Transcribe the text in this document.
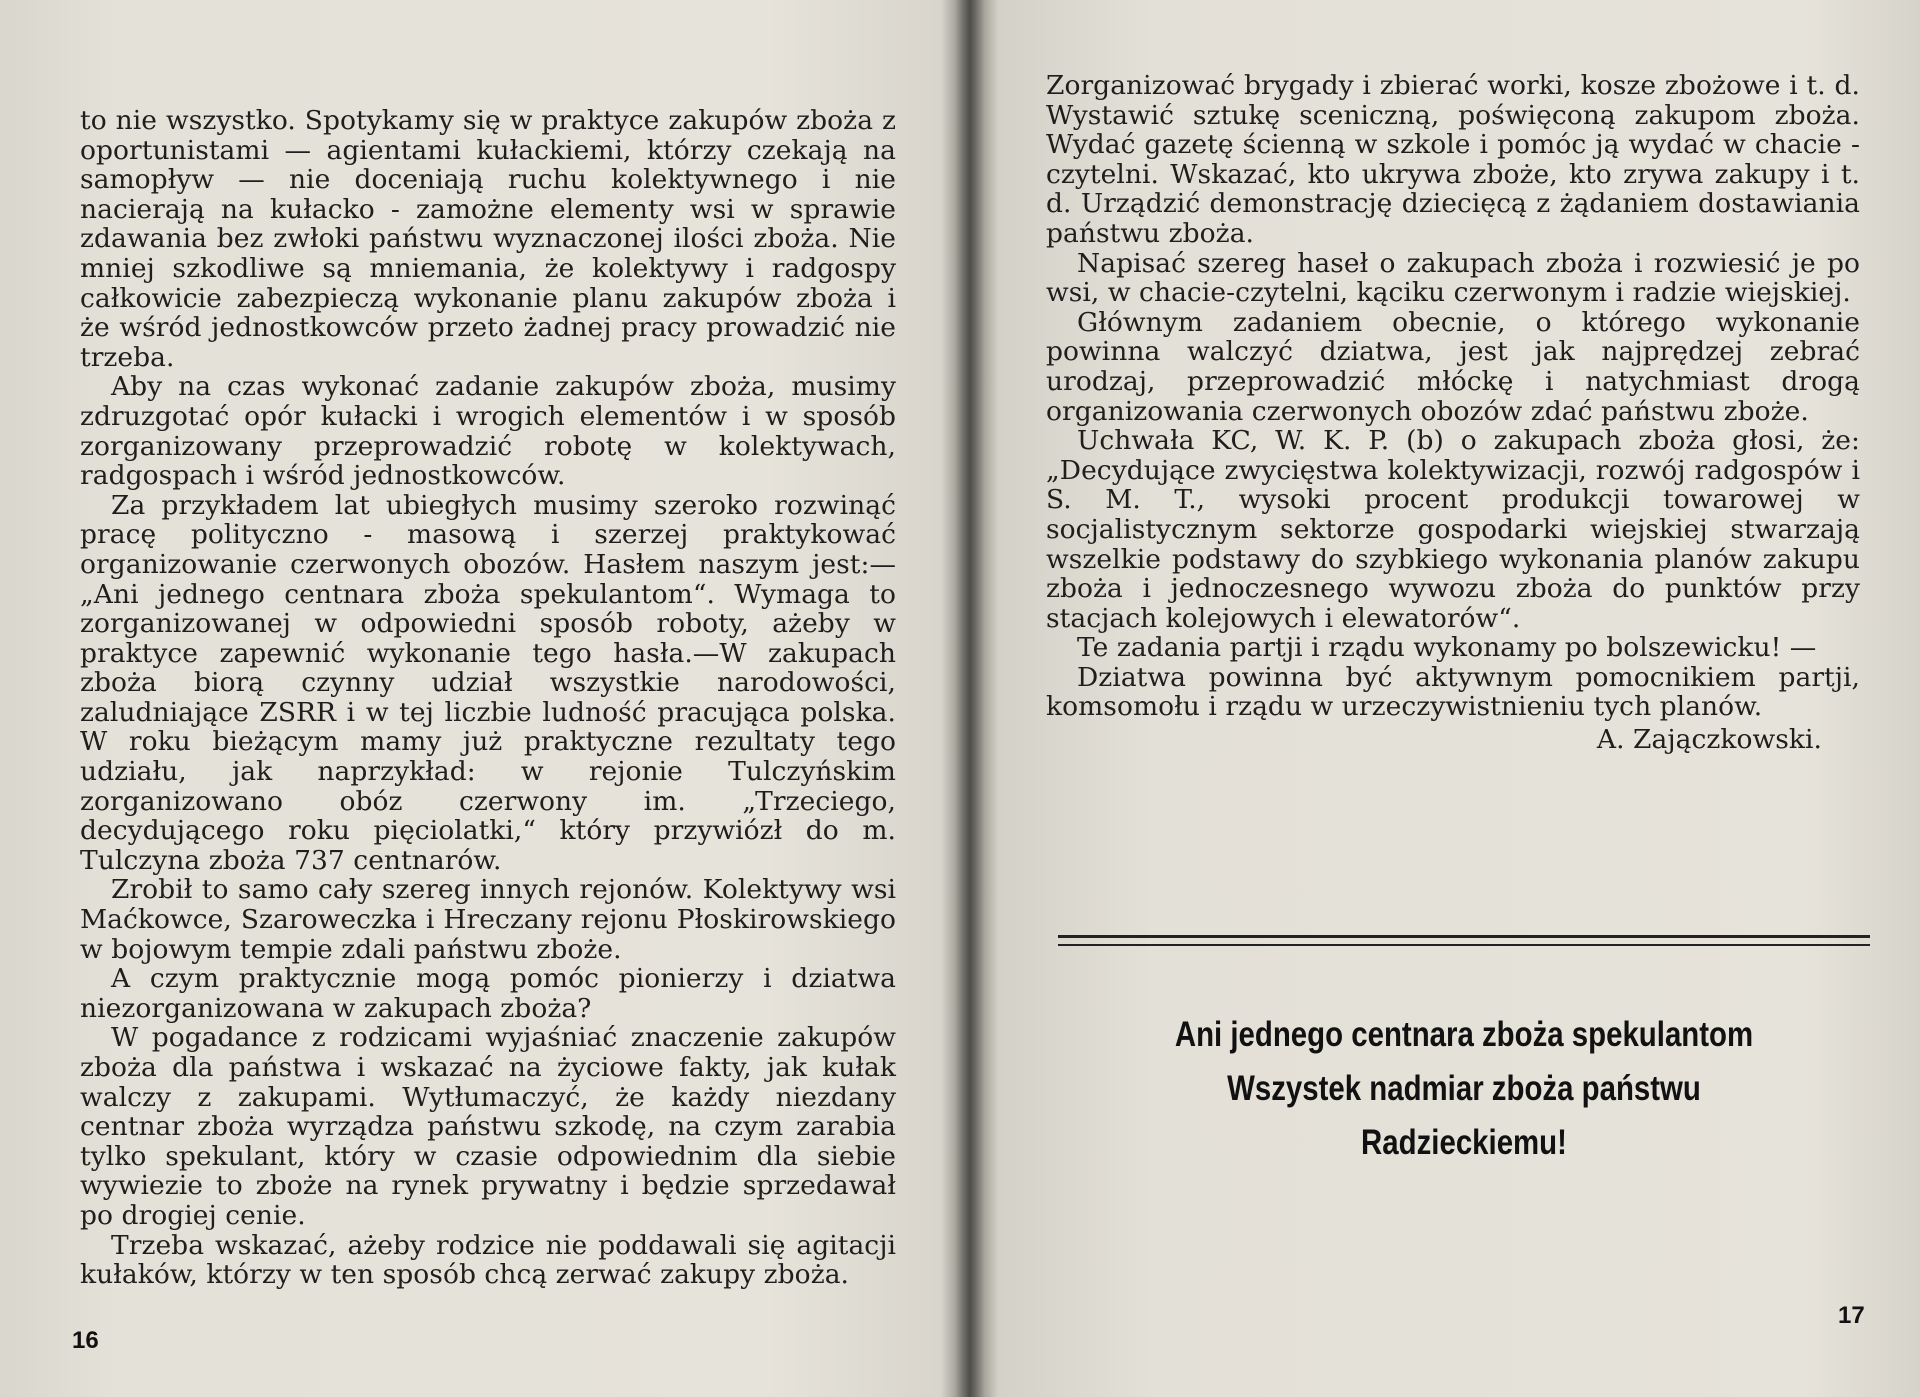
to nie wszystko. Spotykamy się w praktyce zakupów zboża z oportunistami — agientami kułackiemi, którzy czekają na samopływ — nie doceniają ruchu kolektywnego i nie nacierają na kułacko - zamożne elementy wsi w sprawie zdawania bez zwłoki państwu wyznaczonej ilości zboża. Nie mniej szkodliwe są mniemania, że kolektywy i radgospy całkowicie zabezpieczą wykonanie planu zakupów zboża i że wśród jednostkowców przeto żadnej pracy prowadzić nie trzeba.

Aby na czas wykonać zadanie zakupów zboża, musimy zdruzgotać opór kułacki i wrogich elementów i w sposób zorganizowany przeprowadzić robotę w kolektywach, radgospach i wśród jednostkowców.

Za przykładem lat ubiegłych musimy szeroko rozwinąć pracę polityczno - masową i szerzej praktykować organizowanie czerwonych obozów. Hasłem naszym jest:— „Ani jednego centnara zboża spekulantom“. Wymaga to zorganizowanej w odpowiedni sposób roboty, ażeby w praktyce zapewnić wykonanie tego hasła.—W zakupach zboża biorą czynny udział wszystkie narodowości, zaludniające ZSRR i w tej liczbie ludność pracująca polska. W roku bieżącym mamy już praktyczne rezultaty tego udziału, jak naprzykład: w rejonie Tulczyńskim zorganizowano obóz czerwony im. „Trzeciego, decydującego roku pięciolatki,“ który przywiózł do m. Tulczyna zboża 737 centnarów.

Zrobił to samo cały szereg innych rejonów. Kolektywy wsi Maćkowce, Szaroweczka i Hreczany rejonu Płoskirowskiego w bojowym tempie zdali państwu zboże.

A czym praktycznie mogą pomóc pionierzy i dziatwa niezorganizowana w zakupach zboża?

W pogadance z rodzicami wyjaśniać znaczenie zakupów zboża dla państwa i wskazać na życiowe fakty, jak kułak walczy z zakupami. Wytłumaczyć, że każdy niezdany centnar zboża wyrządza państwu szkodę, na czym zarabia tylko spekulant, który w czasie odpowiednim dla siebie wywiezie to zboże na rynek prywatny i będzie sprzedawał po drogiej cenie.

Trzeba wskazać, ażeby rodzice nie poddawali się agitacji kułaków, którzy w ten sposób chcą zerwać zakupy zboża.

16

Zorganizować brygady i zbierać worki, kosze zbożowe i t. d. Wystawić sztukę sceniczną, poświęconą zakupom zboża. Wydać gazetę ścienną w szkole i pomóc ją wydać w chacie - czytelni. Wskazać, kto ukrywa zboże, kto zrywa zakupy i t. d. Urządzić demonstrację dziecięcą z żądaniem dostawiania państwu zboża.

Napisać szereg haseł o zakupach zboża i rozwiesić je po wsi, w chacie-czytelni, kąciku czerwonym i radzie wiejskiej.

Głównym zadaniem obecnie, o którego wykonanie powinna walczyć dziatwa, jest jak najprędzej zebrać urodzaj, przeprowadzić młóckę i natychmiast drogą organizowania czerwonych obozów zdać państwu zboże.

Uchwała KC, W. K. P. (b) o zakupach zboża głosi, że: „Decydujące zwycięstwa kolektywizacji, rozwój radgospów i S. M. T., wysoki procent produkcji towarowej w socjalistycznym sektorze gospodarki wiejskiej stwarzają wszelkie podstawy do szybkiego wykonania planów zakupu zboża i jednoczesnego wywozu zboża do punktów przy stacjach kolejowych i elewatorów“.

Te zadania partji i rządu wykonamy po bolszewicku! —

Dziatwa powinna być aktywnym pomocnikiem partji, komsomołu i rządu w urzeczywistnieniu tych planów.

A. Zajączkowski.

Ani jednego centnara zboża spekulantom
Wszystek nadmiar zboża państwu
Radzieckiemu!
17
